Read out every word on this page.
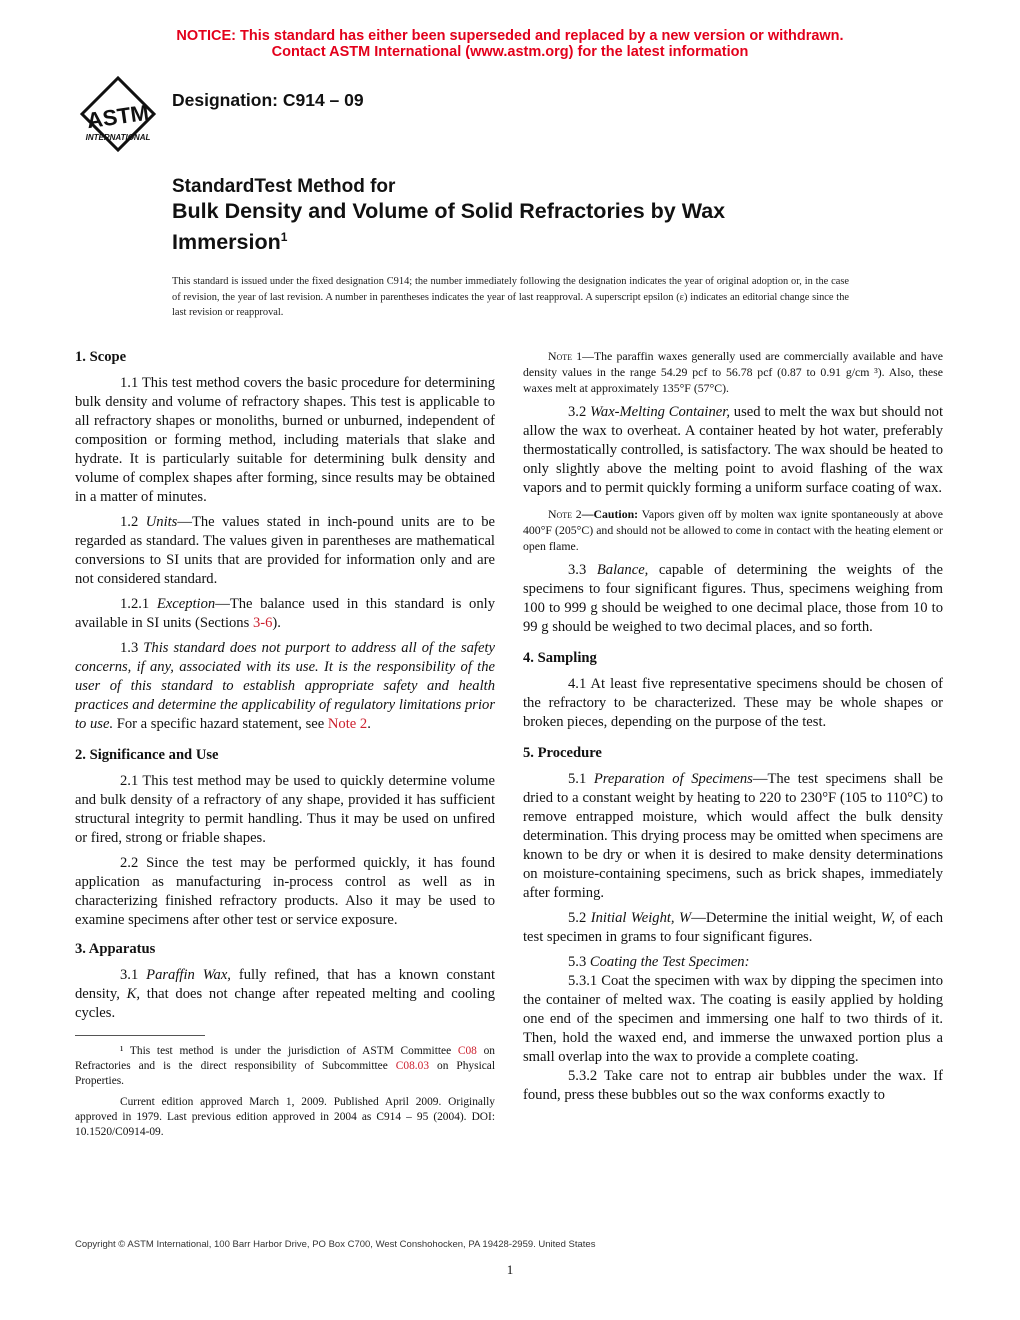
NOTICE: This standard has either been superseded and replaced by a new version or withdrawn.
Contact ASTM International (www.astm.org) for the latest information
ASTM
INTERNATIONAL
Designation: C914 – 09
StandardTest Method for
Bulk Density and Volume of Solid Refractories by Wax Immersion$^1$
This standard is issued under the fixed designation C914; the number immediately following the designation indicates the year of original adoption or, in the case of revision, the year of last revision. A number in parentheses indicates the year of last reapproval. A superscript epsilon (ε) indicates an editorial change since the last revision or reapproval.
1. Scope

1.1 This test method covers the basic procedure for determining bulk density and volume of refractory shapes. This test is applicable to all refractory shapes or monoliths, burned or unburned, independent of composition or forming method, including materials that slake and hydrate. It is particularly suitable for determining bulk density and volume of complex shapes after forming, since results may be obtained in a matter of minutes.

1.2 Units—The values stated in inch-pound units are to be regarded as standard. The values given in parentheses are mathematical conversions to SI units that are provided for information only and are not considered standard.

1.2.1 Exception—The balance used in this standard is only available in SI units (Sections 3-6).

1.3 This standard does not purport to address all of the safety concerns, if any, associated with its use. It is the responsibility of the user of this standard to establish appropriate safety and health practices and determine the applicability of regulatory limitations prior to use. For a specific hazard statement, see Note 2.

2. Significance and Use

2.1 This test method may be used to quickly determine volume and bulk density of a refractory of any shape, provided it has sufficient structural integrity to permit handling. Thus it may be used on unfired or fired, strong or friable shapes.

2.2 Since the test may be performed quickly, it has found application as manufacturing in-process control as well as in characterizing finished refractory products. Also it may be used to examine specimens after other test or service exposure.

3. Apparatus

3.1 Paraffin Wax, fully refined, that has a known constant density, K, that does not change after repeated melting and cooling cycles.

¹ This test method is under the jurisdiction of ASTM Committee C08 on Refractories and is the direct responsibility of Subcommittee C08.03 on Physical Properties.

Current edition approved March 1, 2009. Published April 2009. Originally approved in 1979. Last previous edition approved in 2004 as C914 – 95 (2004). DOI: 10.1520/C0914-09.

Note 1—The paraffin waxes generally used are commercially available and have density values in the range 54.29 pcf to 56.78 pcf (0.87 to 0.91 g/cm ³). Also, these waxes melt at approximately 135°F (57°C).

3.2 Wax-Melting Container, used to melt the wax but should not allow the wax to overheat. A container heated by hot water, preferably thermostatically controlled, is satisfactory. The wax should be heated to only slightly above the melting point to avoid flashing of the wax vapors and to permit quickly forming a uniform surface coating of wax.

Note 2—Caution: Vapors given off by molten wax ignite spontaneously at above 400°F (205°C) and should not be allowed to come in contact with the heating element or open flame.

3.3 Balance, capable of determining the weights of the specimens to four significant figures. Thus, specimens weighing from 100 to 999 g should be weighed to one decimal place, those from 10 to 99 g should be weighed to two decimal places, and so forth.

4. Sampling

4.1 At least five representative specimens should be chosen of the refractory to be characterized. These may be whole shapes or broken pieces, depending on the purpose of the test.

5. Procedure

5.1 Preparation of Specimens—The test specimens shall be dried to a constant weight by heating to 220 to 230°F (105 to 110°C) to remove entrapped moisture, which would affect the bulk density determination. This drying process may be omitted when specimens are known to be dry or when it is desired to make density determinations on moisture-containing specimens, such as brick shapes, immediately after forming.

5.2 Initial Weight, W—Determine the initial weight, W, of each test specimen in grams to four significant figures.

5.3 Coating the Test Specimen:

5.3.1 Coat the specimen with wax by dipping the specimen into the container of melted wax. The coating is easily applied by holding one end of the specimen and immersing one half to two thirds of it. Then, hold the waxed end, and immerse the unwaxed portion plus a small overlap into the wax to provide a complete coating.

5.3.2 Take care not to entrap air bubbles under the wax. If found, press these bubbles out so the wax conforms exactly to

Copyright © ASTM International, 100 Barr Harbor Drive, PO Box C700, West Conshohocken, PA 19428-2959. United States
1
